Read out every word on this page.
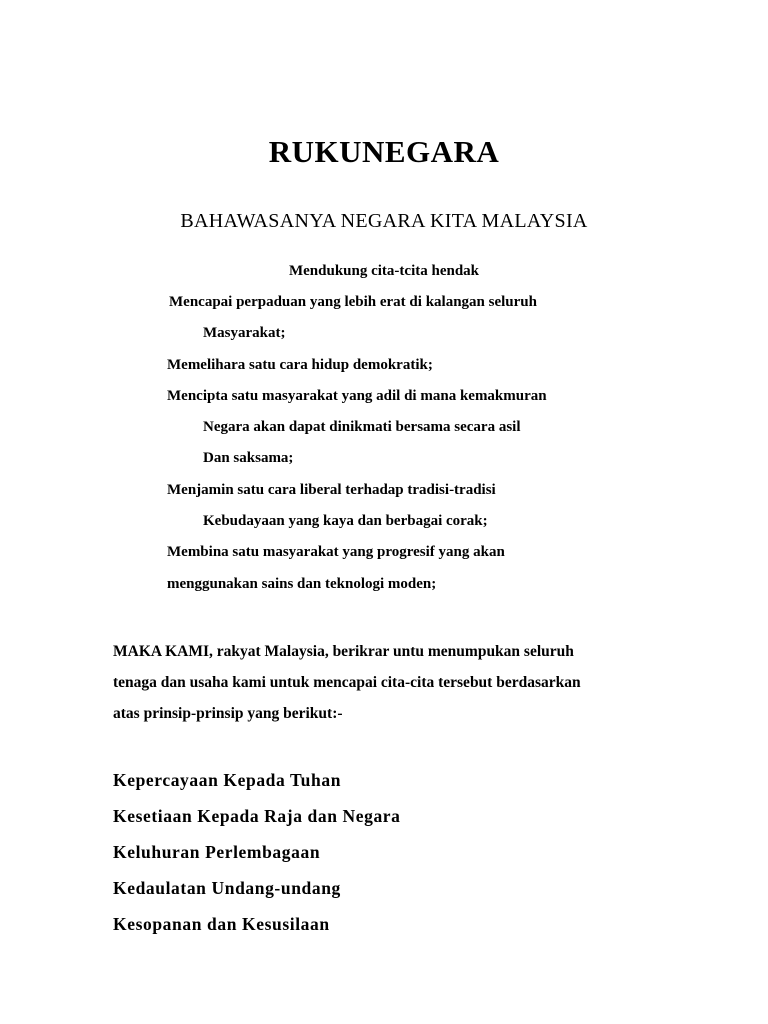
RUKUNEGARA
BAHAWASANYA NEGARA KITA MALAYSIA
Mendukung cita-tcita hendak
Mencapai perpaduan yang lebih erat di kalangan seluruh
Masyarakat;
Memelihara satu cara hidup demokratik;
Mencipta satu masyarakat yang adil di mana kemakmuran
Negara akan dapat dinikmati bersama secara asil
Dan saksama;
Menjamin satu cara liberal terhadap tradisi-tradisi
Kebudayaan yang kaya dan berbagai corak;
Membina satu masyarakat yang progresif yang akan
menggunakan sains dan teknologi moden;
MAKA KAMI, rakyat Malaysia, berikrar untu menumpukan seluruh
tenaga dan usaha kami untuk mencapai cita-cita tersebut berdasarkan
atas prinsip-prinsip yang berikut:-
Kepercayaan Kepada Tuhan
Kesetiaan Kepada Raja dan Negara
Keluhuran Perlembagaan
Kedaulatan Undang-undang
Kesopanan dan Kesusilaan
